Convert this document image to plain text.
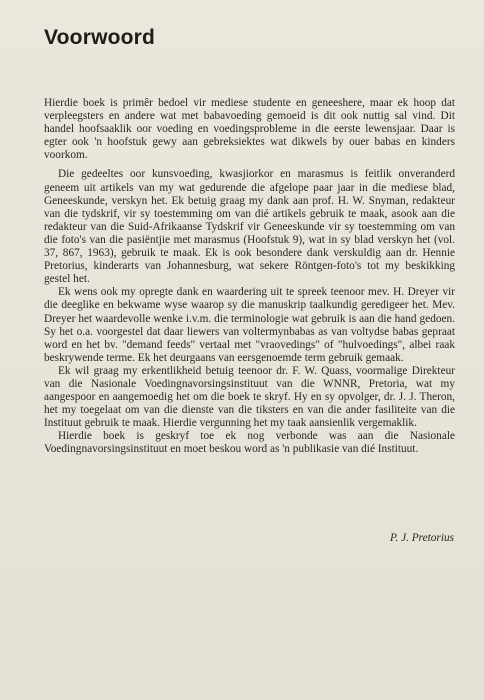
Voorwoord

Hierdie boek is primêr bedoel vir mediese studente en geneeshere, maar ek hoop dat verpleegsters en andere wat met babavoeding gemoeid is dit ook nuttig sal vind. Dit handel hoofsaaklik oor voeding en voedingsprobleme in die eerste lewensjaar. Daar is egter ook 'n hoofstuk gewy aan gebreksiektes wat dikwels by ouer babas en kinders voorkom.

Die gedeeltes oor kunsvoeding, kwasjiorkor en marasmus is feitlik onveranderd geneem uit artikels van my wat gedurende die afgelope paar jaar in die mediese blad, Geneeskunde, verskyn het. Ek betuig graag my dank aan prof. H. W. Snyman, redakteur van die tydskrif, vir sy toestemming om van dié artikels gebruik te maak, asook aan die redakteur van die Suid-Afrikaanse Tydskrif vir Geneeskunde vir sy toestemming om van die foto's van die pasiëntjie met marasmus (Hoofstuk 9), wat in sy blad verskyn het (vol. 37, 867, 1963), gebruik te maak. Ek is ook besondere dank verskuldig aan dr. Hennie Pretorius, kinderarts van Johannesburg, wat sekere Röntgen-foto's tot my beskikking gestel het.

Ek wens ook my opregte dank en waardering uit te spreek teenoor mev. H. Dreyer vir die deeglike en bekwame wyse waarop sy die manuskrip taalkundig geredigeer het. Mev. Dreyer het waardevolle wenke i.v.m. die terminologie wat gebruik is aan die hand gedoen. Sy het o.a. voorgestel dat daar liewers van voltermynbabas as van voltydse babas gepraat word en het bv. "demand feeds" vertaal met "vraovedings" of "hulvoedings", albei raak beskrywende terme. Ek het deurgaans van eersgenoemde term gebruik gemaak.

Ek wil graag my erkentlikheid betuig teenoor dr. F. W. Quass, voormalige Direkteur van die Nasionale Voedingnavorsingsinstituut van die WNNR, Pretoria, wat my aangespoor en aangemoedig het om die boek te skryf. Hy en sy opvolger, dr. J. J. Theron, het my toegelaat om van die dienste van die tiksters en van die ander fasiliteite van die Instituut gebruik te maak. Hierdie vergunning het my taak aansienlik vergemaklik.

Hierdie boek is geskryf toe ek nog verbonde was aan die Nasionale Voedingnavorsingsinstituut en moet beskou word as 'n publikasie van dié Instituut.

P. J. Pretorius
